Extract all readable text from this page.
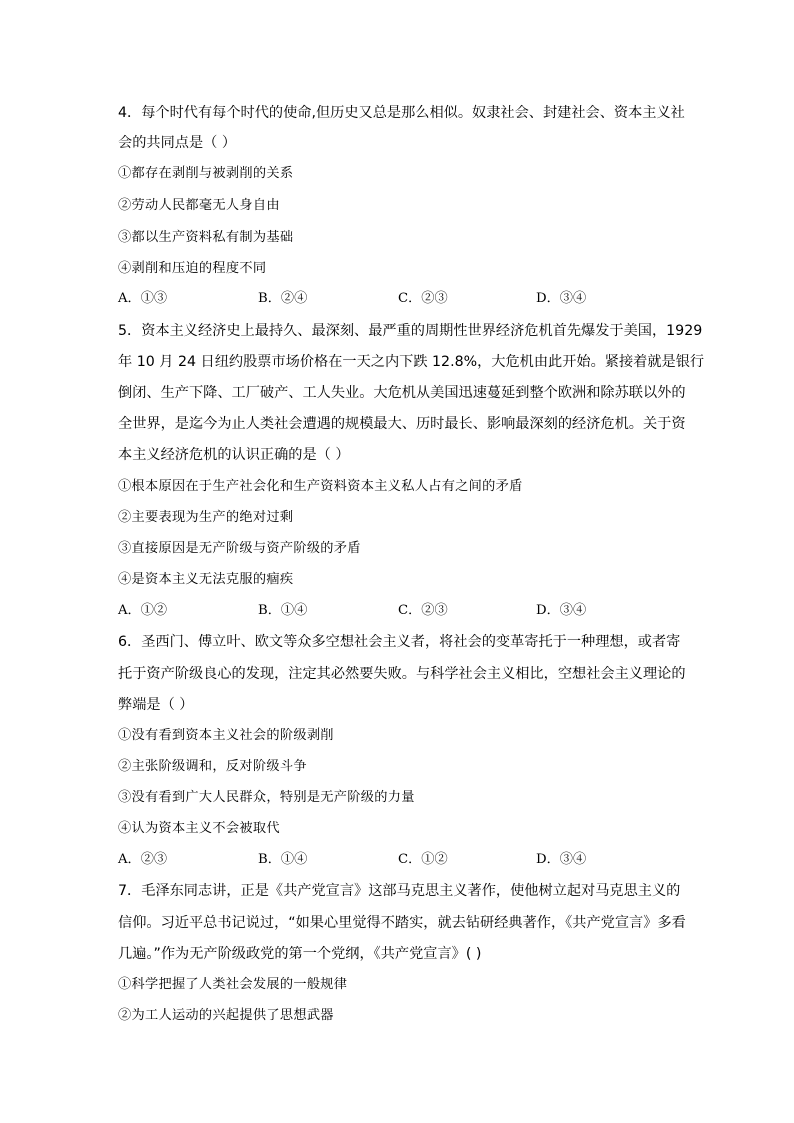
4．每个时代有每个时代的使命,但历史又总是那么相似。奴隶社会、封建社会、资本主义社
会的共同点是（ ）
①都存在剥削与被剥削的关系
②劳动人民都毫无人身自由
③都以生产资料私有制为基础
④剥削和压迫的程度不同
A．①③	B．②④	C．②③	D．③④
5．资本主义经济史上最持久、最深刻、最严重的周期性世界经济危机首先爆发于美国，1929
年 10 月 24 日纽约股票市场价格在一天之内下跌 12.8%，大危机由此开始。紧接着就是银行
倒闭、生产下降、工厂破产、工人失业。大危机从美国迅速蔓延到整个欧洲和除苏联以外的
全世界，是迄今为止人类社会遭遇的规模最大、历时最长、影响最深刻的经济危机。关于资
本主义经济危机的认识正确的是（ ）
①根本原因在于生产社会化和生产资料资本主义私人占有之间的矛盾
②主要表现为生产的绝对过剩
③直接原因是无产阶级与资产阶级的矛盾
④是资本主义无法克服的痼疾
A．①②	B．①④	C．②③	D．③④
6．圣西门、傅立叶、欧文等众多空想社会主义者，将社会的变革寄托于一种理想，或者寄
托于资产阶级良心的发现，注定其必然要失败。与科学社会主义相比，空想社会主义理论的
弊端是（ ）
①没有看到资本主义社会的阶级剥削
②主张阶级调和，反对阶级斗争
③没有看到广大人民群众，特别是无产阶级的力量
④认为资本主义不会被取代
A．②③	B．①④	C．①②	D．③④
7．毛泽东同志讲，正是《共产党宣言》这部马克思主义著作，使他树立起对马克思主义的
信仰。习近平总书记说过，“如果心里觉得不踏实，就去钻研经典著作，《共产党宣言》多看
几遍。”作为无产阶级政党的第一个党纲，《共产党宣言》( )
①科学把握了人类社会发展的一般规律
②为工人运动的兴起提供了思想武器
